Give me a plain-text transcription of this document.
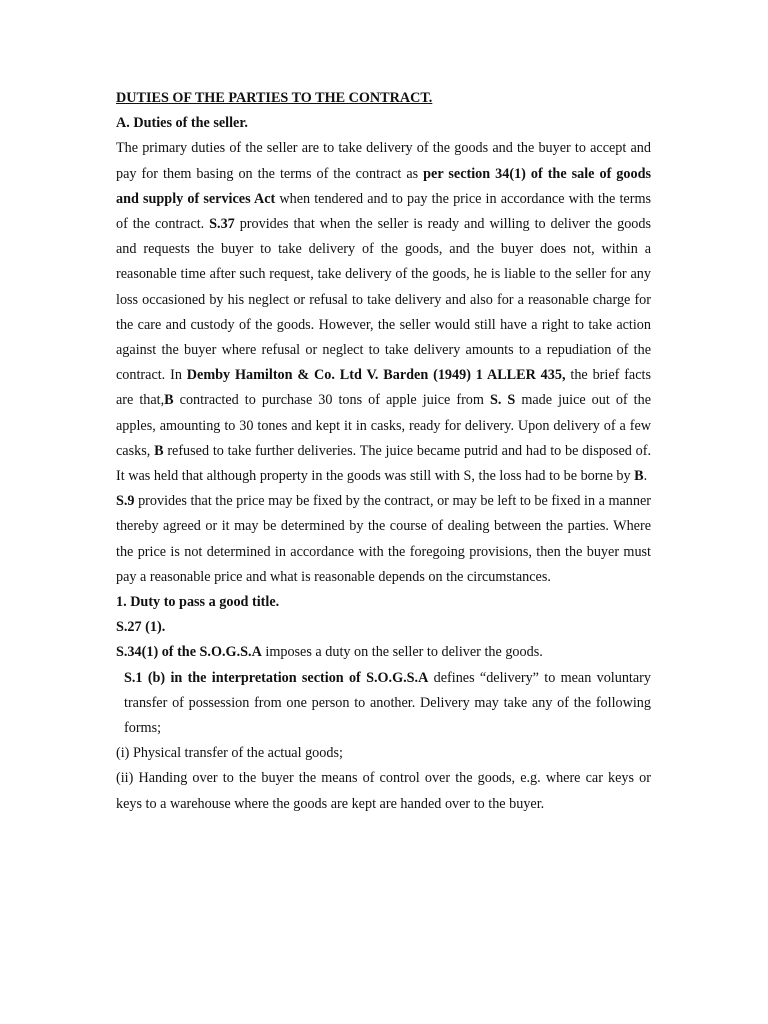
DUTIES OF THE PARTIES TO THE CONTRACT.

A. Duties of the seller.

The primary duties of the seller are to take delivery of the goods and the buyer to accept and pay for them basing on the terms of the contract as per section 34(1) of the sale of goods and supply of services Act when tendered and to pay the price in accordance with the terms of the contract. S.37 provides that when the seller is ready and willing to deliver the goods and requests the buyer to take delivery of the goods, and the buyer does not, within a reasonable time after such request, take delivery of the goods, he is liable to the seller for any loss occasioned by his neglect or refusal to take delivery and also for a reasonable charge for the care and custody of the goods. However, the seller would still have a right to take action against the buyer where refusal or neglect to take delivery amounts to a repudiation of the contract. In Demby Hamilton & Co. Ltd V. Barden (1949) 1 ALLER 435, the brief facts are that,B contracted to purchase 30 tons of apple juice from S. S made juice out of the apples, amounting to 30 tones and kept it in casks, ready for delivery. Upon delivery of a few casks, B refused to take further deliveries. The juice became putrid and had to be disposed of. It was held that although property in the goods was still with S, the loss had to be borne by B.

S.9 provides that the price may be fixed by the contract, or may be left to be fixed in a manner thereby agreed or it may be determined by the course of dealing between the parties. Where the price is not determined in accordance with the foregoing provisions, then the buyer must pay a reasonable price and what is reasonable depends on the circumstances.

1. Duty to pass a good title.

S.27 (1).

S.34(1) of the S.O.G.S.A imposes a duty on the seller to deliver the goods.

S.1 (b) in the interpretation section of S.O.G.S.A defines “delivery” to mean voluntary transfer of possession from one person to another. Delivery may take any of the following forms;

(i) Physical transfer of the actual goods;

(ii) Handing over to the buyer the means of control over the goods, e.g. where car keys or keys to a warehouse where the goods are kept are handed over to the buyer.
